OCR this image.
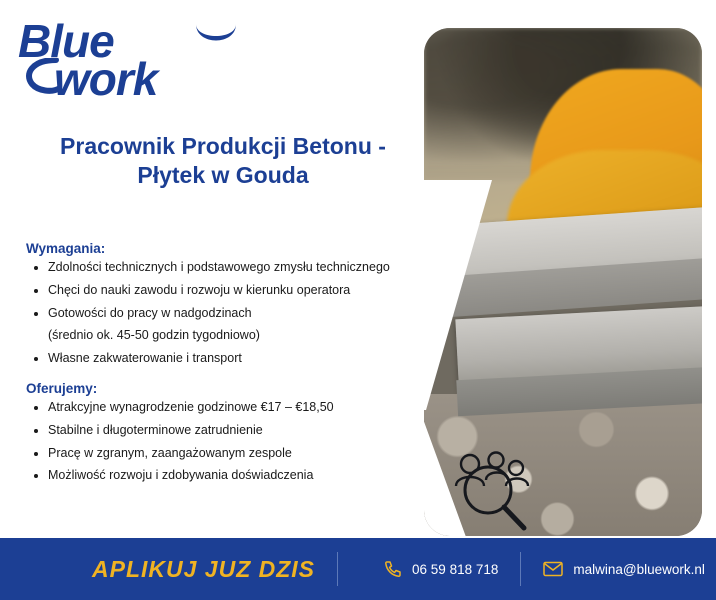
Blue
work
Pracownik Produkcji Betonu - Płytek w Gouda
Wymagania:
Zdolności technicznych i podstawowego zmysłu technicznego
Chęci do nauki zawodu i rozwoju w kierunku operatora
Gotowości do pracy w nadgodzinach
(średnio ok. 45-50 godzin tygodniowo)
Własne zakwaterowanie i transport
Oferujemy:
Atrakcyjne wynagrodzenie godzinowe €17 – €18,50
Stabilne i długoterminowe zatrudnienie
Pracę w zgranym, zaangażowanym zespole
Możliwość rozwoju i zdobywania doświadczenia
APLIKUJ JUZ DZIS	06 59 818 718	malwina@bluework.nl
